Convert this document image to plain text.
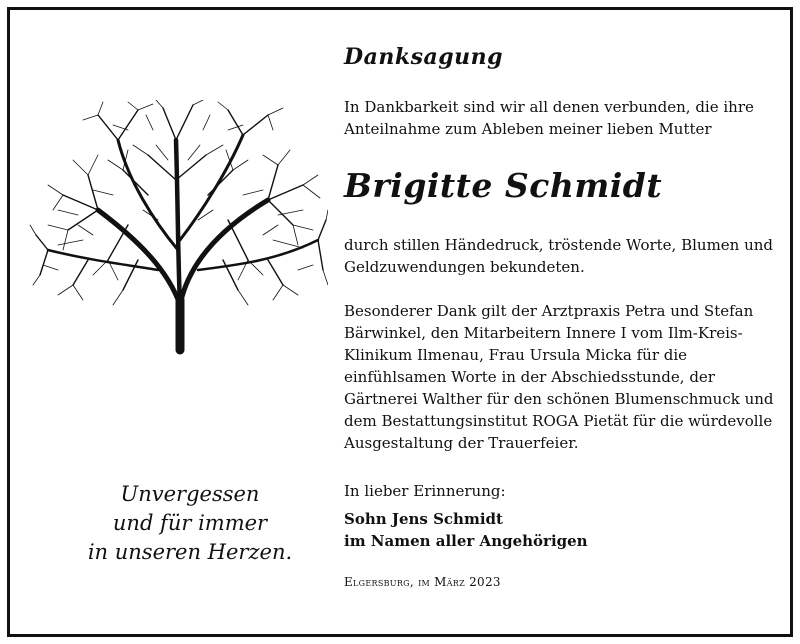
Danksagung
In Dankbarkeit sind wir all denen verbunden, die ihre Anteilnahme zum Ableben meiner lieben Mutter
Brigitte Schmidt
durch stillen Händedruck, tröstende Worte, Blumen und Geldzuwendungen bekundeten.
Besonderer Dank gilt der Arztpraxis Petra und Stefan Bärwinkel, den Mitarbeitern Innere I vom Ilm-Kreis-Klinikum Ilmenau, Frau Ursula Micka für die einfühlsamen Worte in der Abschiedsstunde, der Gärtnerei Walther für den schönen Blumenschmuck und dem Bestattungsinstitut ROGA Pietät für die würdevolle Ausgestaltung der Trauerfeier.
In lieber Erinnerung:
Sohn Jens Schmidt
im Namen aller Angehörigen
Elgersburg, im März 2023
Unvergessen
und für immer
in unseren Herzen.
